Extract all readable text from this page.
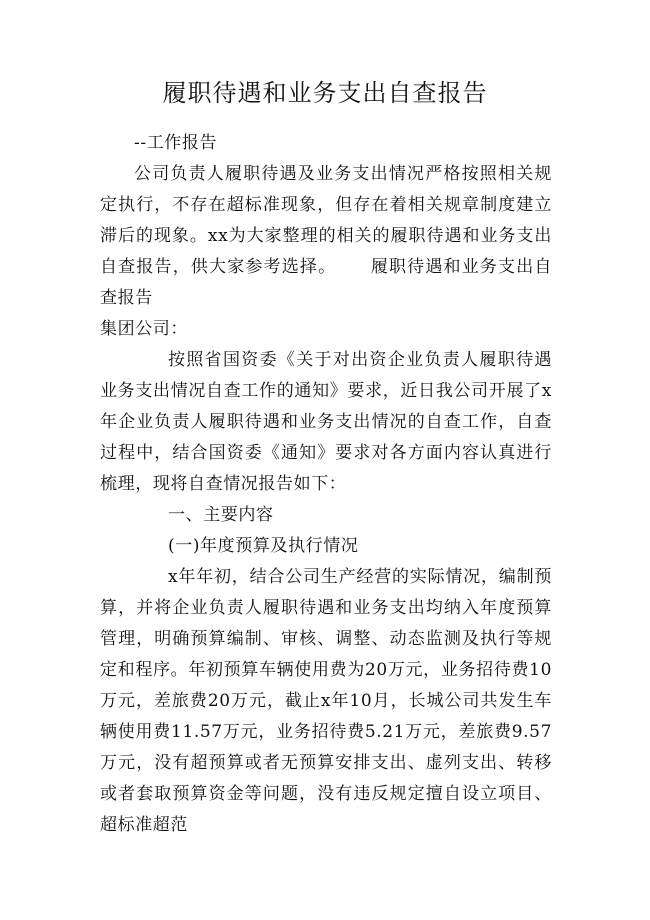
履职待遇和业务支出自查报告

--工作报告

公司负责人履职待遇及业务支出情况严格按照相关规定执行，不存在超标准现象，但存在着相关规章制度建立滞后的现象。xx为大家整理的相关的履职待遇和业务支出自查报告，供大家参考选择。 履职待遇和业务支出自查报告

集团公司：

按照省国资委《关于对出资企业负责人履职待遇业务支出情况自查工作的通知》要求，近日我公司开展了x年企业负责人履职待遇和业务支出情况的自查工作，自查过程中，结合国资委《通知》要求对各方面内容认真进行梳理，现将自查情况报告如下：

一、主要内容

(一)年度预算及执行情况

x年年初，结合公司生产经营的实际情况，编制预算，并将企业负责人履职待遇和业务支出均纳入年度预算管理，明确预算编制、审核、调整、动态监测及执行等规定和程序。年初预算车辆使用费为20万元，业务招待费10万元，差旅费20万元，截止x年10月，长城公司共发生车辆使用费11.57万元，业务招待费5.21万元，差旅费9.57万元，没有超预算或者无预算安排支出、虚列支出、转移或者套取预算资金等问题，没有违反规定擅自设立项目、超标准超范
